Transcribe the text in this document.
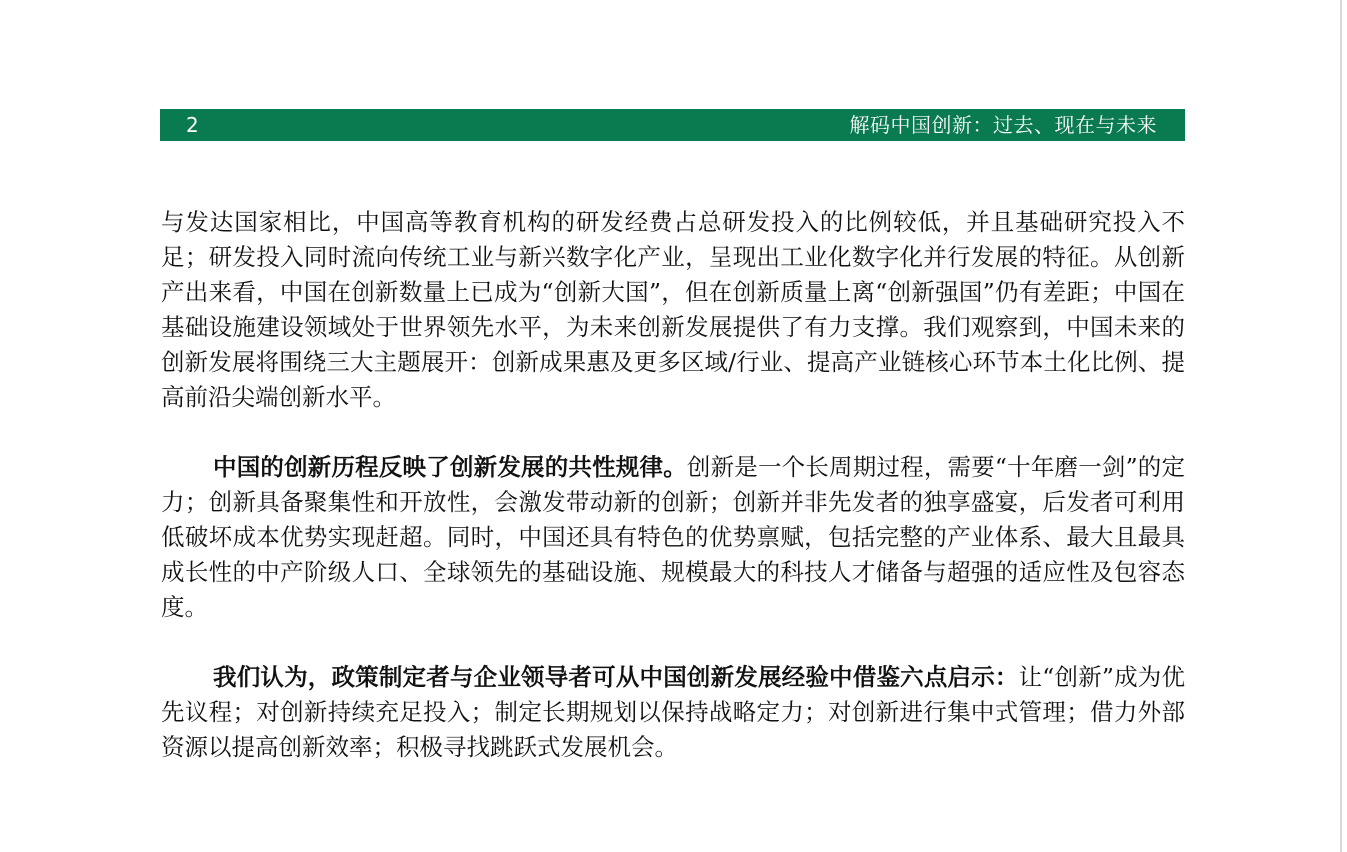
2	解码中国创新：过去、现在与未来

与发达国家相比，中国高等教育机构的研发经费占总研发投入的比例较低，并且基础研究投入不足；研发投入同时流向传统工业与新兴数字化产业，呈现出工业化数字化并行发展的特征。从创新产出来看，中国在创新数量上已成为“创新大国”，但在创新质量上离“创新强国”仍有差距；中国在基础设施建设领域处于世界领先水平，为未来创新发展提供了有力支撑。我们观察到，中国未来的创新发展将围绕三大主题展开：创新成果惠及更多区域/行业、提高产业链核心环节本土化比例、提高前沿尖端创新水平。

中国的创新历程反映了创新发展的共性规律。创新是一个长周期过程，需要“十年磨一剑”的定力；创新具备聚集性和开放性，会激发带动新的创新；创新并非先发者的独享盛宴，后发者可利用低破坏成本优势实现赶超。同时，中国还具有特色的优势禀赋，包括完整的产业体系、最大且最具成长性的中产阶级人口、全球领先的基础设施、规模最大的科技人才储备与超强的适应性及包容态度。

我们认为，政策制定者与企业领导者可从中国创新发展经验中借鉴六点启示：让“创新”成为优先议程；对创新持续充足投入；制定长期规划以保持战略定力；对创新进行集中式管理；借力外部资源以提高创新效率；积极寻找跳跃式发展机会。
